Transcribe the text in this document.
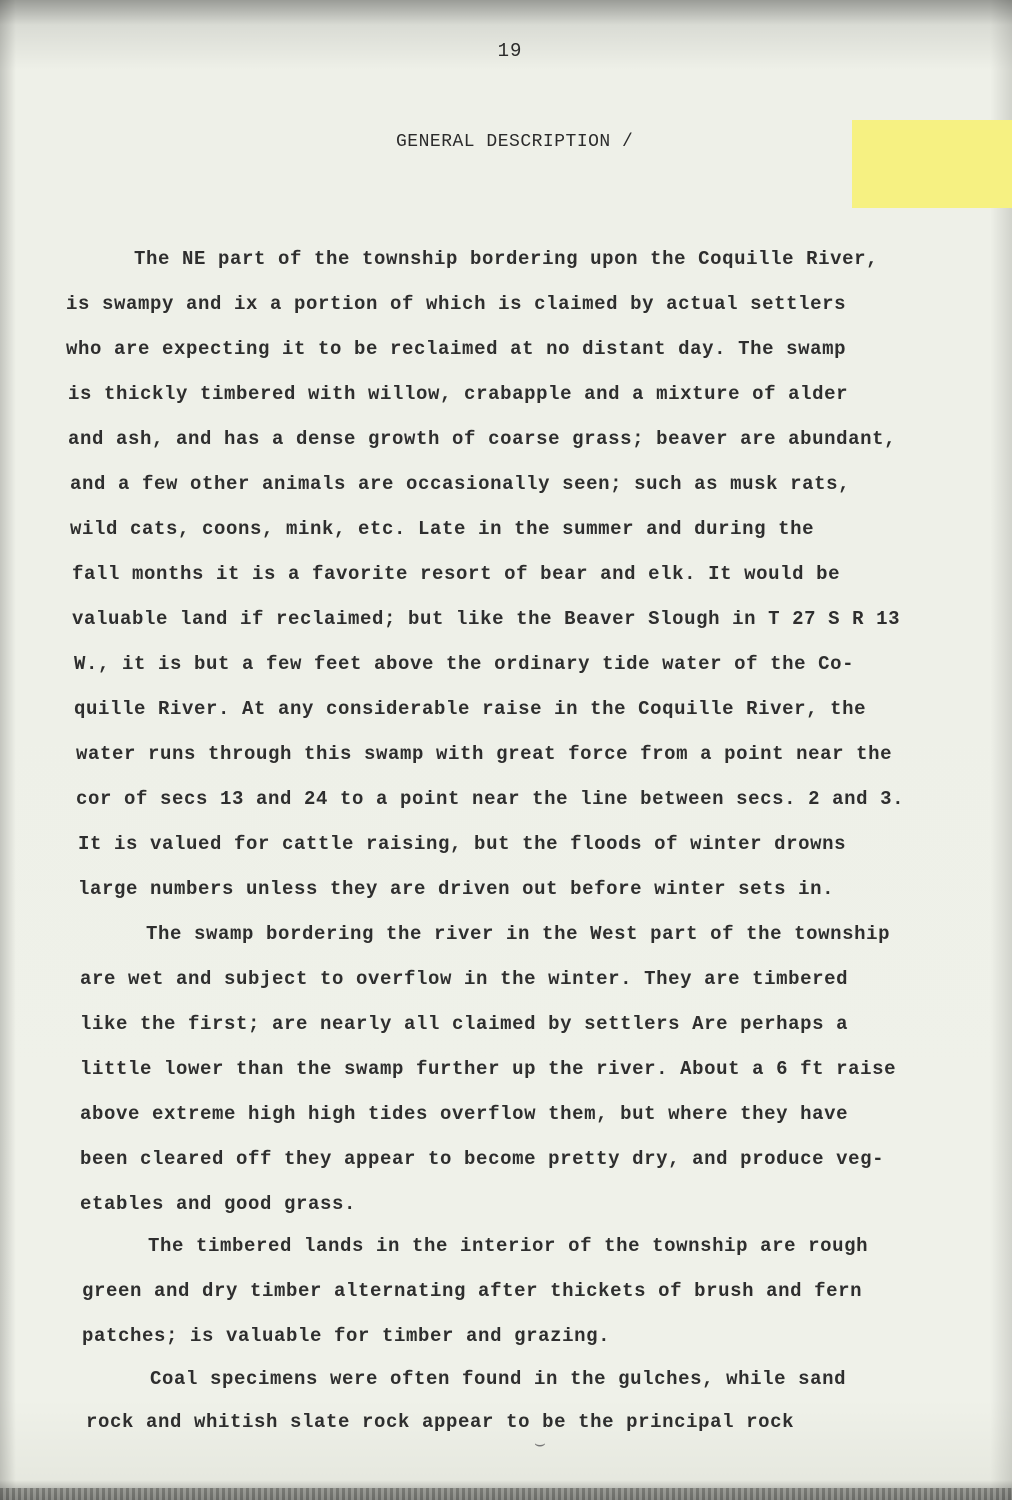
19
GENERAL DESCRIPTION /
The NE part of the township bordering upon the Coquille River,
is swampy and ix a portion of which is claimed by actual settlers
who are expecting it to be reclaimed at no distant day. The swamp
is thickly timbered with willow, crabapple and a mixture of alder
and ash, and has a dense growth of coarse grass; beaver are abundant,
and a few other animals are occasionally seen; such as musk rats,
wild cats, coons, mink, etc. Late in the summer and during the
fall months it is a favorite resort of bear and elk. It would be
valuable land if reclaimed; but like the Beaver Slough in T 27 S R 13
W., it is but a few feet above the ordinary tide water of the Co-
quille River. At any considerable raise in the Coquille River, the
water runs through this swamp with great force from a point near the
cor of secs 13 and 24 to a point near the line between secs. 2 and 3.
It is valued for cattle raising, but the floods of winter drowns
large numbers unless they are driven out before winter sets in.
The swamp bordering the river in the West part of the township
are wet and subject to overflow in the winter. They are timbered
like the first; are nearly all claimed by settlers Are perhaps a
little lower than the swamp further up the river. About a 6 ft raise
above extreme high high tides overflow them, but where they have
been cleared off they appear to become pretty dry, and produce veg-
etables and good grass.
The timbered lands in the interior of the township are rough
green and dry timber alternating after thickets of brush and fern
patches; is valuable for timber and grazing.
Coal specimens were often found in the gulches, while sand
rock and whitish slate rock appear to be the principal rock
⌣
